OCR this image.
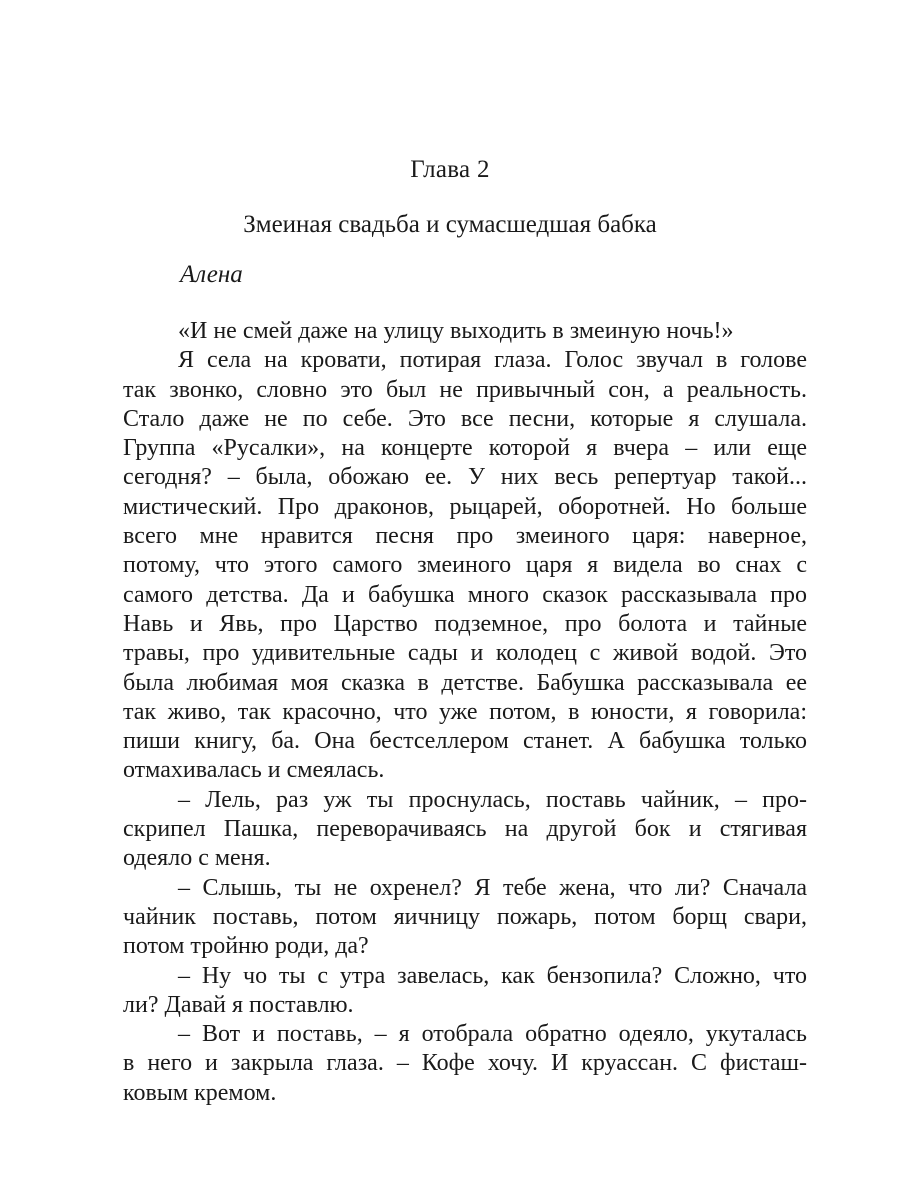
Глава 2
Змеиная свадьба и сумасшедшая бабка
Алена
«И не смей даже на улицу выходить в змеиную ночь!»
Я села на кровати, потирая глаза. Голос звучал в голове
так звонко, словно это был не привычный сон, а реальность.
Стало даже не по себе. Это все песни, которые я слушала.
Группа «Русалки», на концерте которой я вчера – или еще
сегодня? – была, обожаю ее. У них весь репертуар такой...
мистический. Про драконов, рыцарей, оборотней. Но больше
всего мне нравится песня про змеиного царя: наверное,
потому, что этого самого змеиного царя я видела во снах с
самого детства. Да и бабушка много сказок рассказывала про
Навь и Явь, про Царство подземное, про болота и тайные
травы, про удивительные сады и колодец с живой водой. Это
была любимая моя сказка в детстве. Бабушка рассказывала ее
так живо, так красочно, что уже потом, в юности, я говорила:
пиши книгу, ба. Она бестселлером станет. А бабушка только
отмахивалась и смеялась.
– Лель, раз уж ты проснулась, поставь чайник, – про-
скрипел Пашка, переворачиваясь на другой бок и стягивая
одеяло с меня.
– Слышь, ты не охренел? Я тебе жена, что ли? Сначала
чайник поставь, потом яичницу пожарь, потом борщ свари,
потом тройню роди, да?
– Ну чо ты с утра завелась, как бензопила? Сложно, что
ли? Давай я поставлю.
– Вот и поставь, – я отобрала обратно одеяло, укуталась
в него и закрыла глаза. – Кофе хочу. И круассан. С фисташ-
ковым кремом.
